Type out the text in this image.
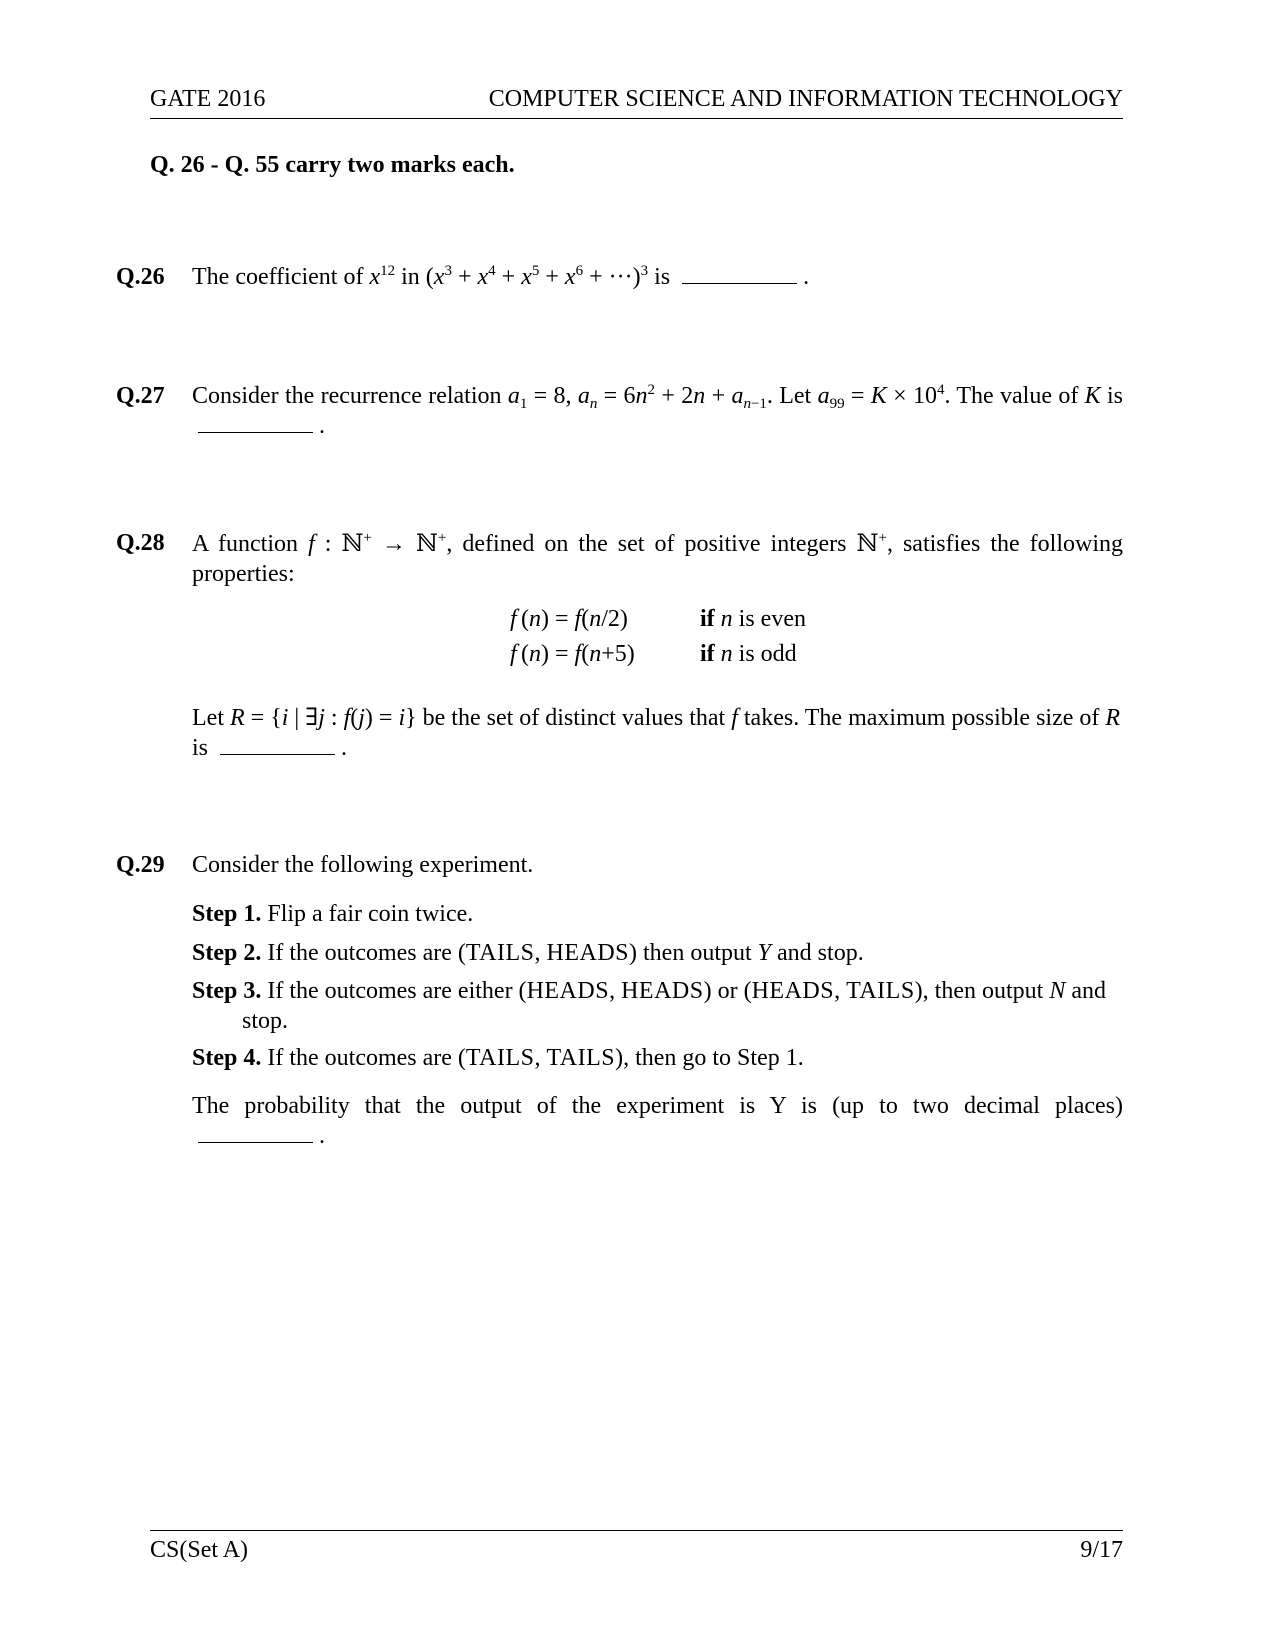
GATE 2016	COMPUTER SCIENCE AND INFORMATION TECHNOLOGY
Q. 26 - Q. 55 carry two marks each.
Q.26	The coefficient of $x^{12}$ in $(x^3 + x^4 + x^5 + x^6 + \cdot\cdot\cdot)^3$ is	.
Q.27	Consider the recurrence relation $a_1 = 8$, $a_n = 6n^2 + 2n + a_{n-1}$. Let $a_{99} = K \times 10^4$. The value of K is .
Q.28	A function f : ℕ+ → ℕ+, defined on the set of positive integers ℕ+, satisfies the following properties:
f (n) = f(n/2)	if n is even
f (n) = f(n+5)	if n is odd
Let R = {i | ∃j : f(j) = i} be the set of distinct values that f takes. The maximum possible size of R is	.
Q.29	Consider the following experiment.
Step 1. Flip a fair coin twice.
Step 2. If the outcomes are (TAILS, HEADS) then output Y and stop.
Step 3. If the outcomes are either (HEADS, HEADS) or (HEADS, TAILS), then output N and
stop.
Step 4. If the outcomes are (TAILS, TAILS), then go to Step 1.
The probability that the output of the experiment is Y is (up to two decimal places)
.
CS(Set A)	9/17
